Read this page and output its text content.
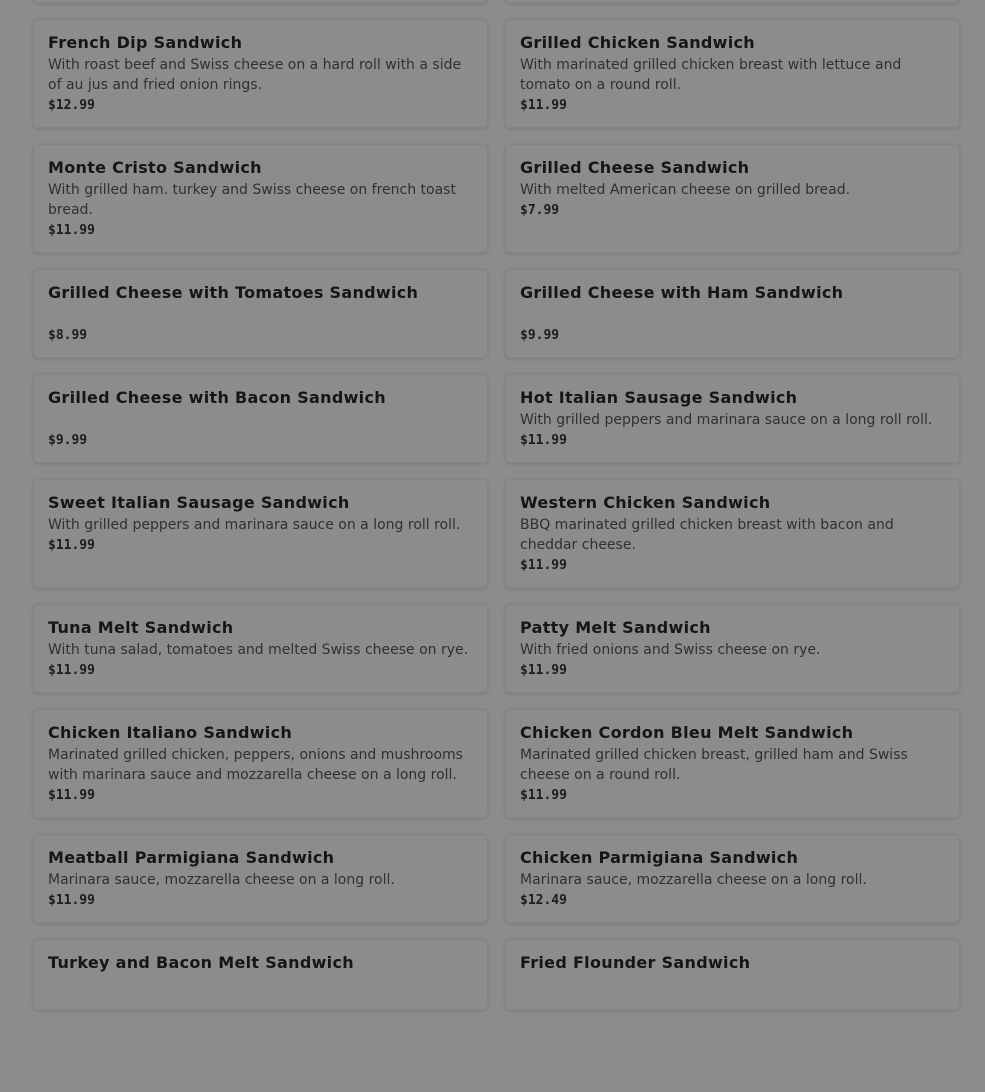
French Dip Sandwich
With roast beef and Swiss cheese on a hard roll with a side of au jus and fried onion rings.
$12.99
Grilled Chicken Sandwich
With marinated grilled chicken breast with lettuce and tomato on a round roll.
$11.99
Monte Cristo Sandwich
With grilled ham. turkey and Swiss cheese on french toast bread.
$11.99
Grilled Cheese Sandwich
With melted American cheese on grilled bread.
$7.99
Grilled Cheese with Tomatoes Sandwich
$8.99
Grilled Cheese with Ham Sandwich
$9.99
Grilled Cheese with Bacon Sandwich
$9.99
Hot Italian Sausage Sandwich
With grilled peppers and marinara sauce on a long roll roll.
$11.99
Sweet Italian Sausage Sandwich
With grilled peppers and marinara sauce on a long roll roll.
$11.99
Western Chicken Sandwich
BBQ marinated grilled chicken breast with bacon and cheddar cheese.
$11.99
Tuna Melt Sandwich
With tuna salad, tomatoes and melted Swiss cheese on rye.
$11.99
Patty Melt Sandwich
With fried onions and Swiss cheese on rye.
$11.99
Chicken Italiano Sandwich
Marinated grilled chicken, peppers, onions and mushrooms with marinara sauce and mozzarella cheese on a long roll.
$11.99
Chicken Cordon Bleu Melt Sandwich
Marinated grilled chicken breast, grilled ham and Swiss cheese on a round roll.
$11.99
Meatball Parmigiana Sandwich
Marinara sauce, mozzarella cheese on a long roll.
$11.99
Chicken Parmigiana Sandwich
Marinara sauce, mozzarella cheese on a long roll.
$12.49
Turkey and Bacon Melt Sandwich	Fried Flounder Sandwich
